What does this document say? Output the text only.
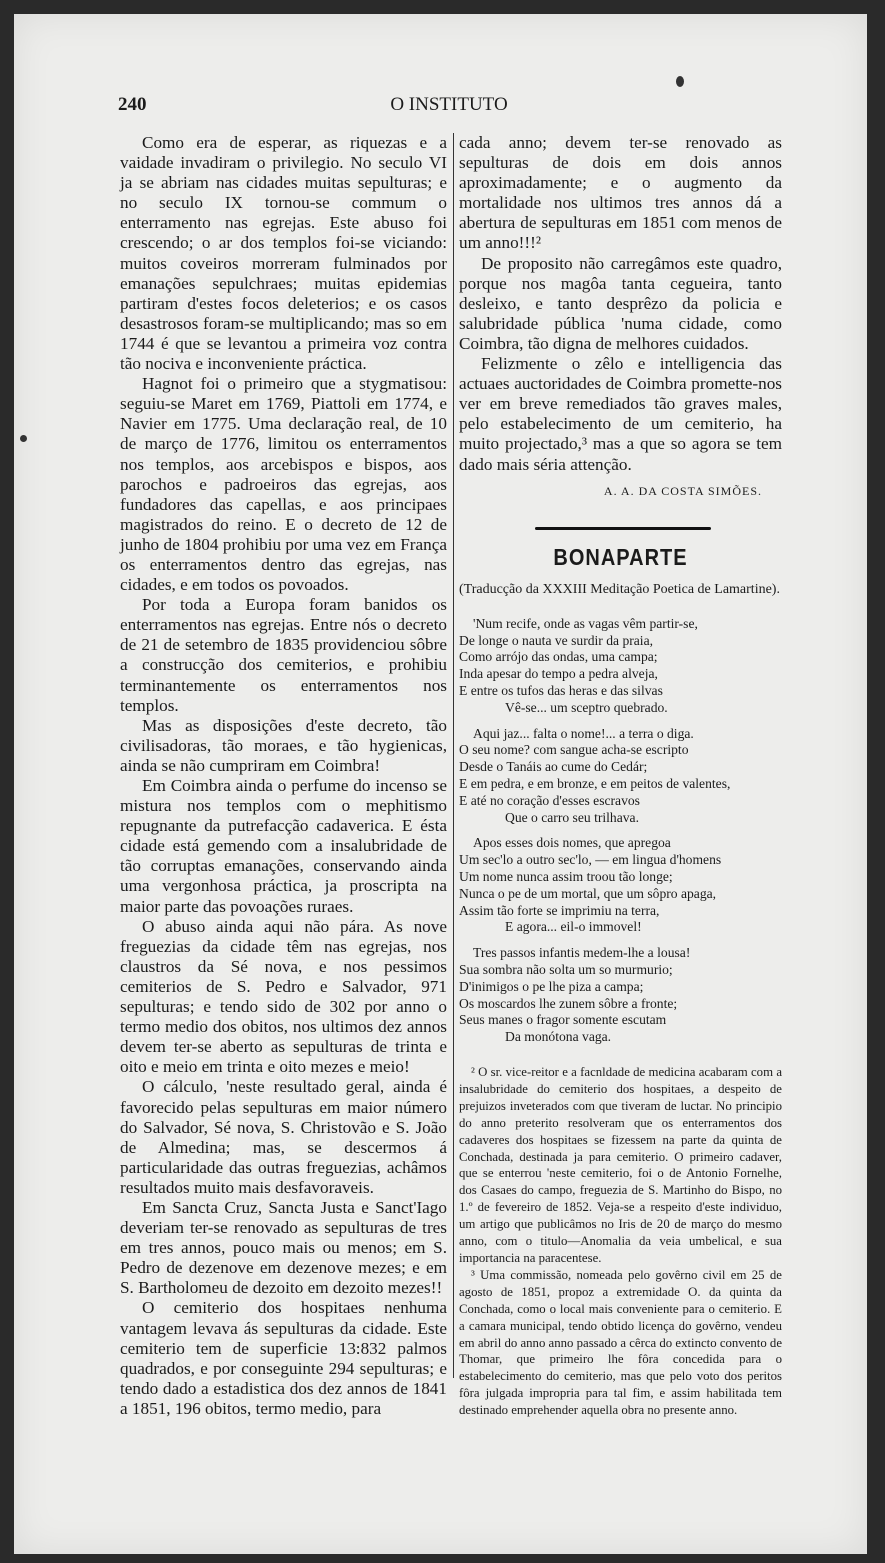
240	O INSTITUTO

Como era de esperar, as riquezas e a vaidade invadiram o privilegio. No seculo VI ja se abriam nas cidades muitas sepulturas; e no seculo IX tornou-se commum o enterramento nas egrejas. Este abuso foi crescendo; o ar dos templos foi-se viciando: muitos coveiros morreram fulminados por emanações sepulchraes; muitas epidemias partiram d'estes focos deleterios; e os casos desastrosos foram-se multiplicando; mas so em 1744 é que se levantou a primeira voz contra tão nociva e inconveniente práctica.

Hagnot foi o primeiro que a stygmatisou: seguiu-se Maret em 1769, Piattoli em 1774, e Navier em 1775. Uma declaração real, de 10 de março de 1776, limitou os enterramentos nos templos, aos arcebispos e bispos, aos parochos e padroeiros das egrejas, aos fundadores das capellas, e aos principaes magistrados do reino. E o decreto de 12 de junho de 1804 prohibiu por uma vez em França os enterramentos dentro das egrejas, nas cidades, e em todos os povoados.

Por toda a Europa foram banidos os enterramentos nas egrejas. Entre nós o decreto de 21 de setembro de 1835 providenciou sôbre a construcção dos cemiterios, e prohibiu terminantemente os enterramentos nos templos.

Mas as disposições d'este decreto, tão civilisadoras, tão moraes, e tão hygienicas, ainda se não cumpriram em Coimbra!

Em Coimbra ainda o perfume do incenso se mistura nos templos com o mephitismo repugnante da putrefacção cadaverica. E ésta cidade está gemendo com a insalubridade de tão corruptas emanações, conservando ainda uma vergonhosa práctica, ja proscripta na maior parte das povoações ruraes.

O abuso ainda aqui não pára. As nove freguezias da cidade têm nas egrejas, nos claustros da Sé nova, e nos pessimos cemiterios de S. Pedro e Salvador, 971 sepulturas; e tendo sido de 302 por anno o termo medio dos obitos, nos ultimos dez annos devem ter-se aberto as sepulturas de trinta e oito e meio em trinta e oito mezes e meio!

O cálculo, 'neste resultado geral, ainda é favorecido pelas sepulturas em maior número do Salvador, Sé nova, S. Christovão e S. João de Almedina; mas, se descermos á particularidade das outras freguezias, achâmos resultados muito mais desfavoraveis.

Em Sancta Cruz, Sancta Justa e Sanct'Iago deveriam ter-se renovado as sepulturas de tres em tres annos, pouco mais ou menos; em S. Pedro de dezenove em dezenove mezes; e em S. Bartholomeu de dezoito em dezoito mezes!!

O cemiterio dos hospitaes nenhuma vantagem levava ás sepulturas da cidade. Este cemiterio tem de superficie 13:832 palmos quadrados, e por conseguinte 294 sepulturas; e tendo dado a estadistica dos dez annos de 1841 a 1851, 196 obitos, termo medio, para

cada anno; devem ter-se renovado as sepulturas de dois em dois annos aproximadamente; e o augmento da mortalidade nos ultimos tres annos dá a abertura de sepulturas em 1851 com menos de um anno!!!²

De proposito não carregâmos este quadro, porque nos magôa tanta cegueira, tanto desleixo, e tanto desprêzo da policia e salubridade pública 'numa cidade, como Coimbra, tão digna de melhores cuidados.

Felizmente o zêlo e intelligencia das actuaes auctoridades de Coimbra promette-nos ver em breve remediados tão graves males, pelo estabelecimento de um cemiterio, ha muito projectado,³ mas a que so agora se tem dado mais séria attenção.

A. A. DA COSTA SIMÕES.
BONAPARTE
(Traducção da XXXIII Meditação Poetica de Lamartine).
'Num recife, onde as vagas vêm partir-se,
De longe o nauta ve surdir da praia,
Como arrójo das ondas, uma campa;
Inda apesar do tempo a pedra alveja,
E entre os tufos das heras e das silvas
Vê-se... um sceptro quebrado.
Aqui jaz... falta o nome!... a terra o diga.
O seu nome? com sangue acha-se escripto
Desde o Tanáis ao cume do Cedár;
E em pedra, e em bronze, e em peitos de valentes,
E até no coração d'esses escravos
Que o carro seu trilhava.
Apos esses dois nomes, que apregoa
Um sec'lo a outro sec'lo, — em lingua d'homens
Um nome nunca assim troou tão longe;
Nunca o pe de um mortal, que um sôpro apaga,
Assim tão forte se imprimiu na terra,
E agora... eil-o immovel!
Tres passos infantis medem-lhe a lousa!
Sua sombra não solta um so murmurio;
D'inimigos o pe lhe piza a campa;
Os moscardos lhe zunem sôbre a fronte;
Seus manes o fragor somente escutam
Da monótona vaga.

² O sr. vice-reitor e a facnldade de medicina acabaram com a insalubridade do cemiterio dos hospitaes, a despeito de prejuizos inveterados com que tiveram de luctar. No principio do anno preterito resolveram que os enterramentos dos cadaveres dos hospitaes se fizessem na parte da quinta de Conchada, destinada ja para cemiterio. O primeiro cadaver, que se enterrou 'neste cemiterio, foi o de Antonio Fornelhe, dos Casaes do campo, freguezia de S. Martinho do Bispo, no 1.º de fevereiro de 1852. Veja-se a respeito d'este individuo, um artigo que publicâmos no Iris de 20 de março do mesmo anno, com o titulo—Anomalia da veia umbelical, e sua importancia na paracentese.

³ Uma commissão, nomeada pelo govêrno civil em 25 de agosto de 1851, propoz a extremidade O. da quinta da Conchada, como o local mais conveniente para o cemiterio. E a camara municipal, tendo obtido licença do govêrno, vendeu em abril do anno anno passado a cêrca do extincto convento de Thomar, que primeiro lhe fôra concedida para o estabelecimento do cemiterio, mas que pelo voto dos peritos fôra julgada impropria para tal fim, e assim habilitada tem destinado emprehender aquella obra no presente anno.
